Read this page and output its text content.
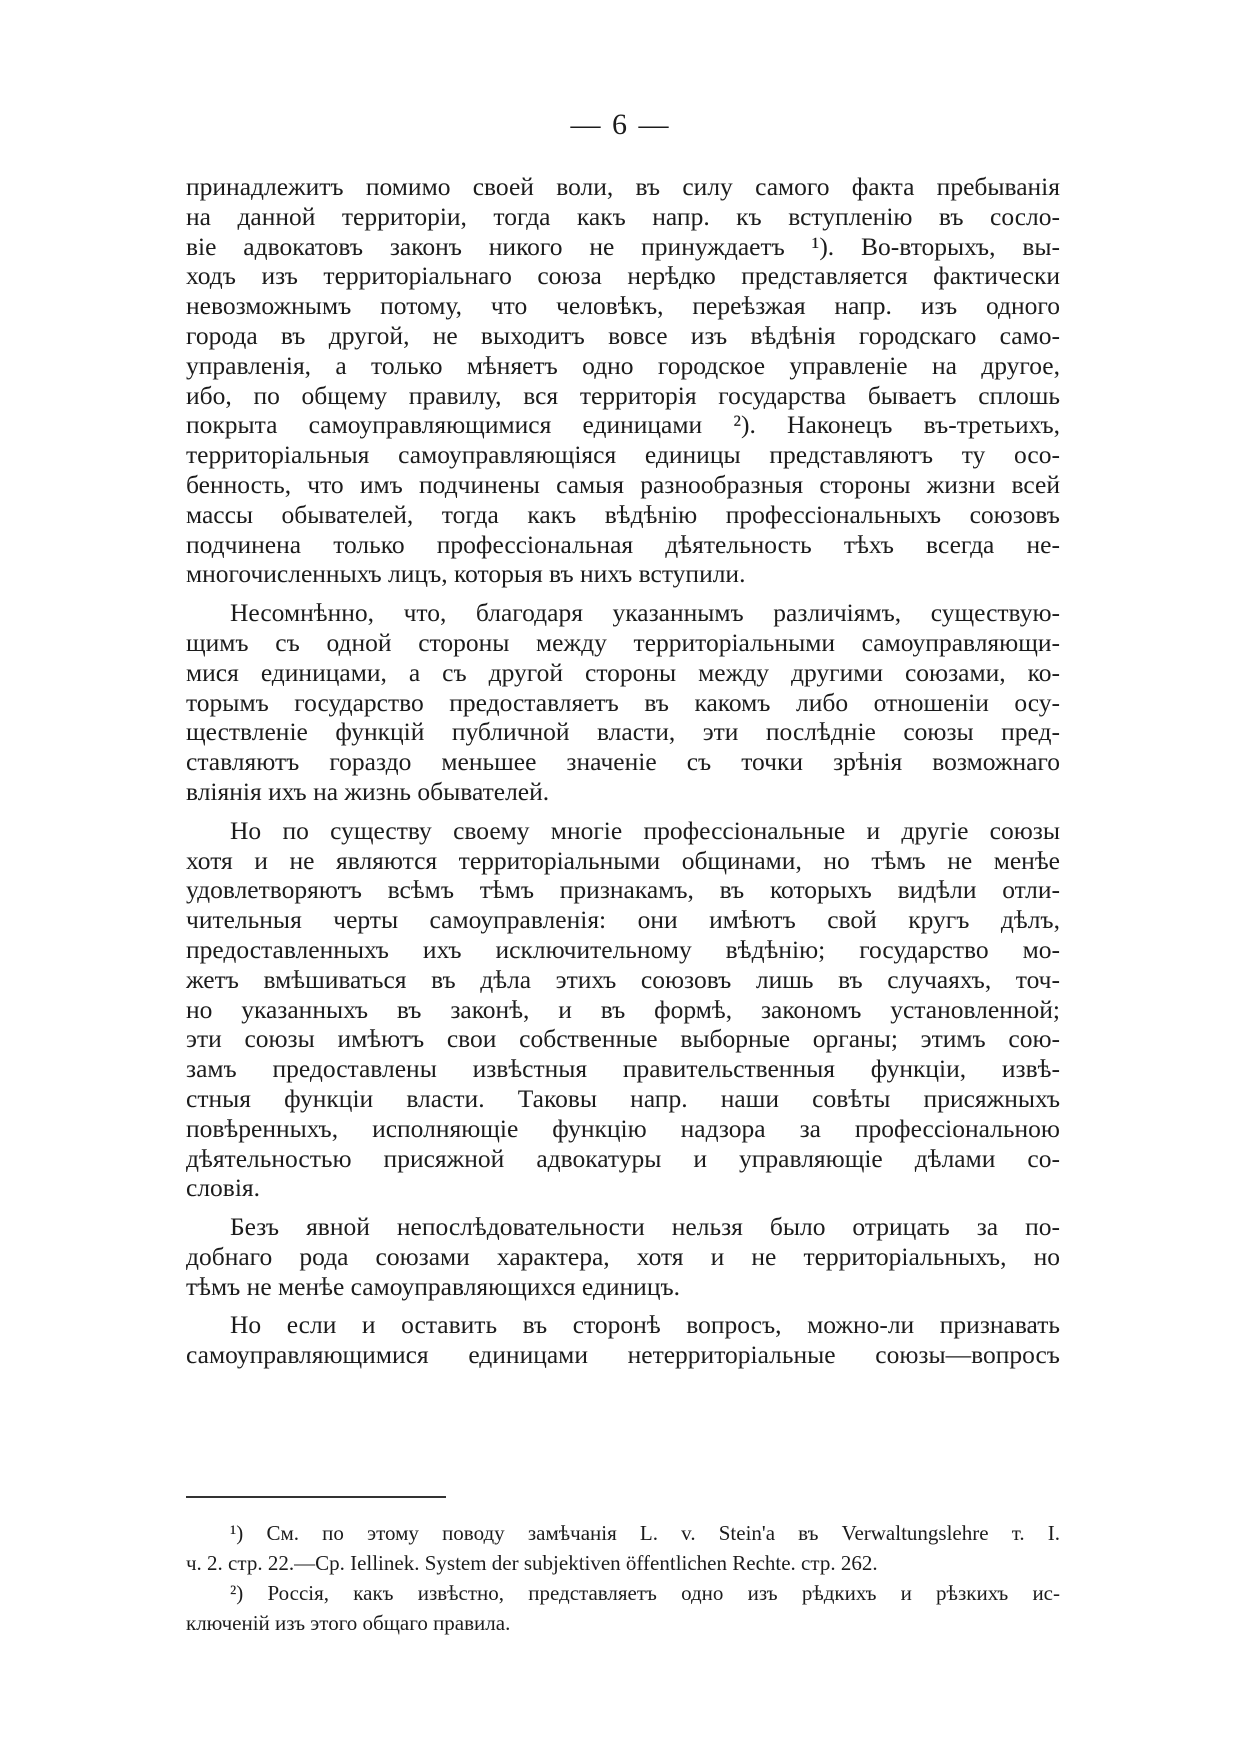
— 6 —
принадлежитъ помимо своей воли, въ силу самого факта пребыванія
на данной территоріи, тогда какъ напр. къ вступленію въ сосло-
віе адвокатовъ законъ никого не принуждаетъ ¹). Во-вторыхъ, вы-
ходъ изъ территоріальнаго союза нерѣдко представляется фактически
невозможнымъ потому, что человѣкъ, переѣзжая напр. изъ одного
города въ другой, не выходитъ вовсе изъ вѣдѣнія городскаго само-
управленія, а только мѣняетъ одно городское управленіе на другое,
ибо, по общему правилу, вся территорія государства бываетъ сплошь
покрыта самоуправляющимися единицами ²). Наконецъ въ-третьихъ,
территоріальныя самоуправляющіяся единицы представляютъ ту осо-
бенность, что имъ подчинены самыя разнообразныя стороны жизни всей
массы обывателей, тогда какъ вѣдѣнію профессіональныхъ союзовъ
подчинена только профессіональная дѣятельность тѣхъ всегда не-
многочисленныхъ лицъ, которыя въ нихъ вступили.
Несомнѣнно, что, благодаря указаннымъ различіямъ, существую-
щимъ съ одной стороны между территоріальными самоуправляющи-
мися единицами, а съ другой стороны между другими союзами, ко-
торымъ государство предоставляетъ въ какомъ либо отношеніи осу-
ществленіе функцій публичной власти, эти послѣдніе союзы пред-
ставляютъ гораздо меньшее значеніе съ точки зрѣнія возможнаго
вліянія ихъ на жизнь обывателей.
Но по существу своему многіе профессіональные и другіе союзы
хотя и не являются территоріальными общинами, но тѣмъ не менѣе
удовлетворяютъ всѣмъ тѣмъ признакамъ, въ которыхъ видѣли отли-
чительныя черты самоуправленія: они имѣютъ свой кругъ дѣлъ,
предоставленныхъ ихъ исключительному вѣдѣнію; государство мо-
жетъ вмѣшиваться въ дѣла этихъ союзовъ лишь въ случаяхъ, точ-
но указанныхъ въ законѣ, и въ формѣ, закономъ установленной;
эти союзы имѣютъ свои собственные выборные органы; этимъ сою-
замъ предоставлены извѣстныя правительственныя функціи, извѣ-
стныя функціи власти. Таковы напр. наши совѣты присяжныхъ
повѣренныхъ, исполняющіе функцію надзора за профессіональною
дѣятельностью присяжной адвокатуры и управляющіе дѣлами со-
словія.
Безъ явной непослѣдовательности нельзя было отрицать за по-
добнаго рода союзами характера, хотя и не территоріальныхъ, но
тѣмъ не менѣе самоуправляющихся единицъ.
Но если и оставить въ сторонѣ вопросъ, можно-ли признавать
самоуправляющимися единицами нетерриторіальные союзы—вопросъ
¹) См. по этому поводу замѣчанія L. v. Stein'a въ Verwaltungslehre т. I.
ч. 2. стр. 22.—Cp. Iellinek. System der subjektiven öffentlichen Rechte. стр. 262.
²) Россія, какъ извѣстно, представляетъ одно изъ рѣдкихъ и рѣзкихъ ис-
ключеній изъ этого общаго правила.
